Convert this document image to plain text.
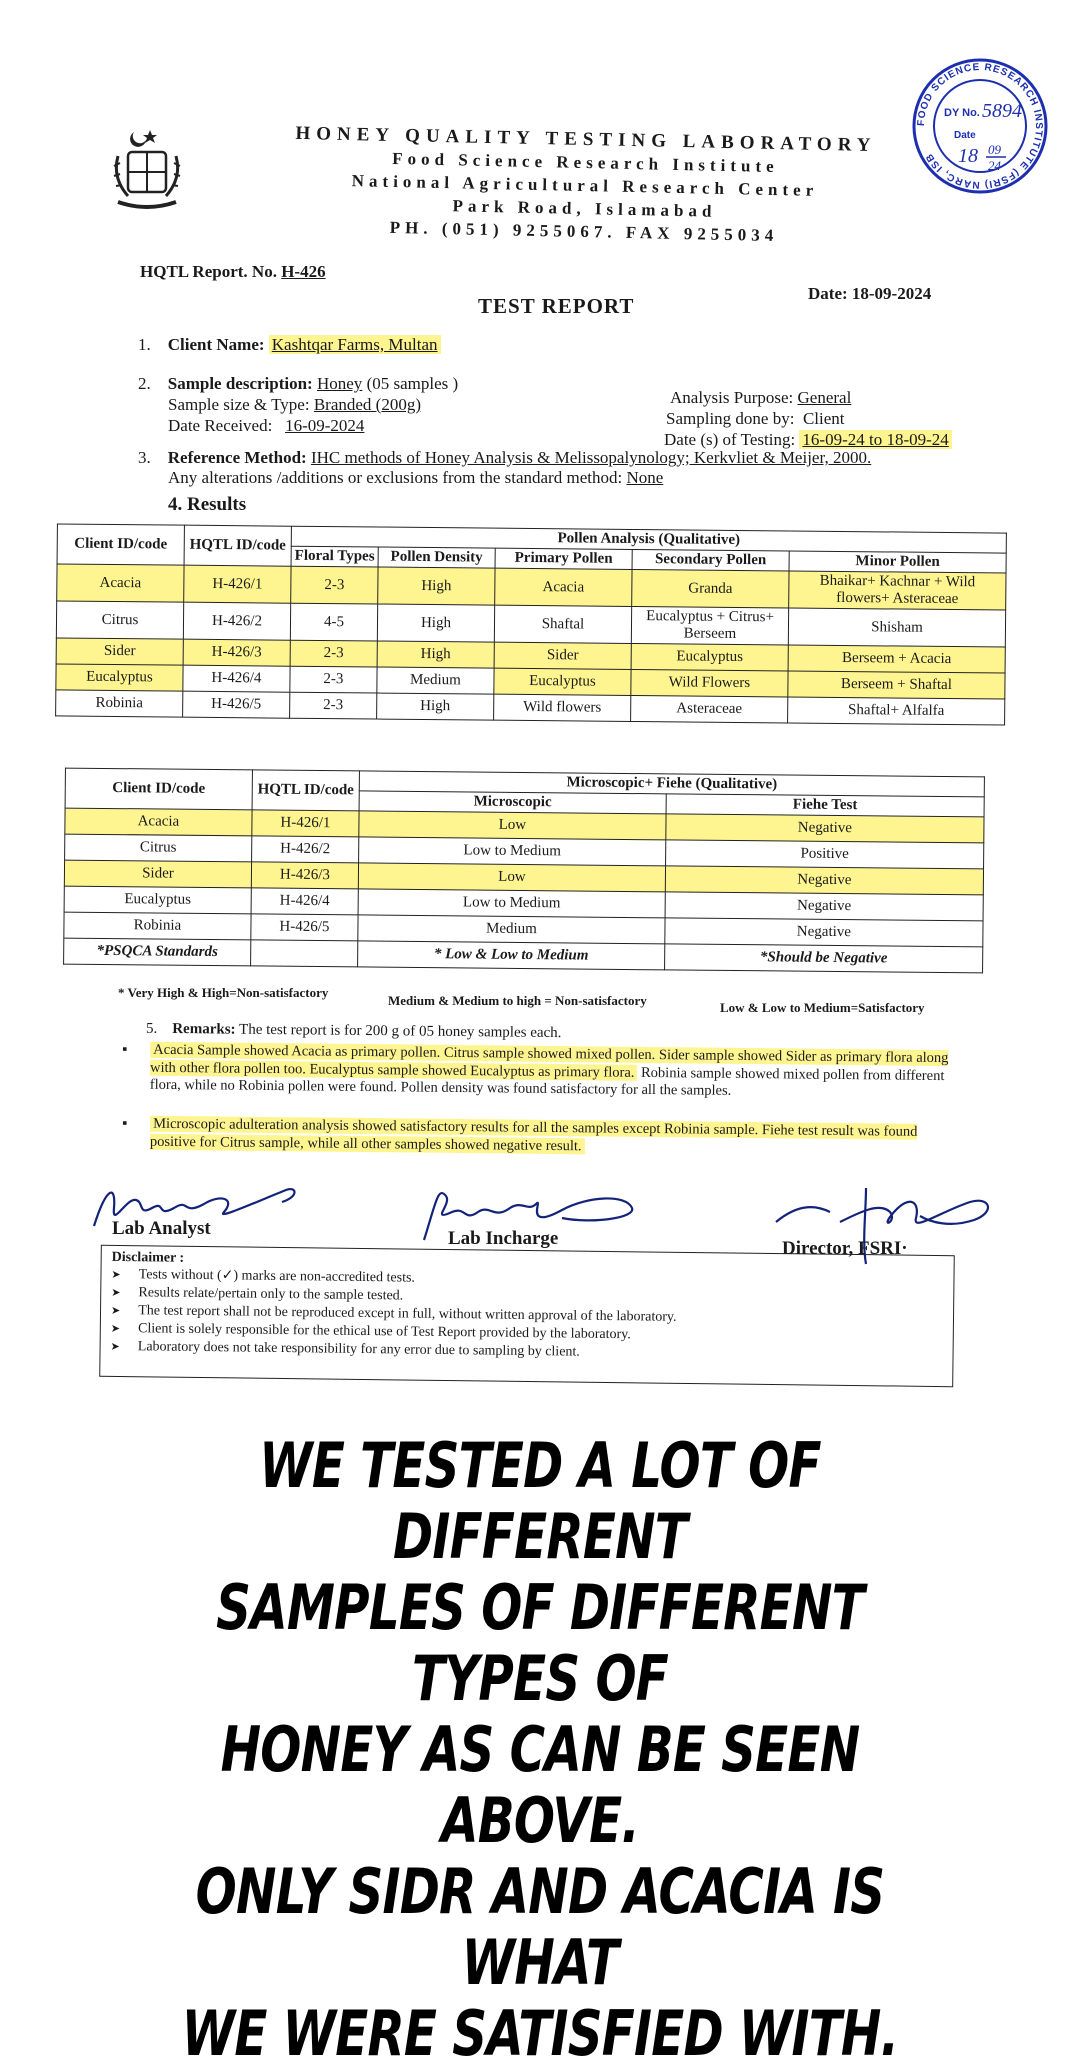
HONEY QUALITY TESTING LABORATORY
Food Science Research Institute
National Agricultural Research Center
Park Road, Islamabad
PH. (051) 9255067. FAX 9255034
FOOD SCIENCE RESEARCH INSTITUTE (FSRI) NARC, ISB
DY No. 5894
Date
18 09
24
HQTL Report. No. H-426
Date: 18-09-2024
TEST REPORT
1. Client Name: Kashtqar Farms, Multan
2. Sample description: Honey (05 samples )
Sample size & Type: Branded (200g)
Date Received: 16-09-2024
Analysis Purpose: General
Sampling done by: Client
Date (s) of Testing: 16-09-24 to 18-09-24
3. Reference Method: IHC methods of Honey Analysis & Melissopalynology; Kerkvliet & Meijer, 2000.
Any alterations /additions or exclusions from the standard method: None
4. Results
Client ID/code	HQTL ID/code	Pollen Analysis (Qualitative)				
		Floral Types	Pollen Density	Primary Pollen	Secondary Pollen	Minor Pollen
Acacia	H-426/1	2-3	High	Acacia	Granda	Bhaikar+ Kachnar + Wild flowers+ Asteraceae
Citrus	H-426/2	4-5	High	Shaftal	Eucalyptus + Citrus+ Berseem	Shisham
Sider	H-426/3	2-3	High	Sider	Eucalyptus	Berseem + Acacia
Eucalyptus	H-426/4	2-3	Medium	Eucalyptus	Wild Flowers	Berseem + Shaftal
Robinia	H-426/5	2-3	High	Wild flowers	Asteraceae	Shaftal+ Alfalfa
Client ID/code	HQTL ID/code	Microscopic+ Fiehe (Qualitative)	
		Microscopic	Fiehe Test
Acacia	H-426/1	Low	Negative
Citrus	H-426/2	Low to Medium	Positive
Sider	H-426/3	Low	Negative
Eucalyptus	H-426/4	Low to Medium	Negative
Robinia	H-426/5	Medium	Negative
*PSQCA Standards		* Low & Low to Medium	*Should be Negative
* Very High & High=Non-satisfactory
Medium & Medium to high = Non-satisfactory	Low & Low to Medium=Satisfactory
5. Remarks: The test report is for 200 g of 05 honey samples each.
▪ Acacia Sample showed Acacia as primary pollen. Citrus sample showed mixed pollen. Sider sample showed Sider as primary flora along with other flora pollen too. Eucalyptus sample showed Eucalyptus as primary flora. Robinia sample showed mixed pollen from different flora, while no Robinia pollen were found. Pollen density was found satisfactory for all the samples.
▪ Microscopic adulteration analysis showed satisfactory results for all the samples except Robinia sample. Fiehe test result was found positive for Citrus sample, while all other samples showed negative result.
Lab Analyst	Lab Incharge	Director, FSRI·
Disclaimer :
➤ Tests without (✓) marks are non-accredited tests.
➤ Results relate/pertain only to the sample tested.
➤ The test report shall not be reproduced except in full, without written approval of the laboratory.
➤ Client is solely responsible for the ethical use of Test Report provided by the laboratory.
➤ Laboratory does not take responsibility for any error due to sampling by client.
WE TESTED A LOT OF DIFFERENT
SAMPLES OF DIFFERENT TYPES OF
HONEY AS CAN BE SEEN ABOVE.
ONLY SIDR AND ACACIA IS WHAT
WE WERE SATISFIED WITH.
